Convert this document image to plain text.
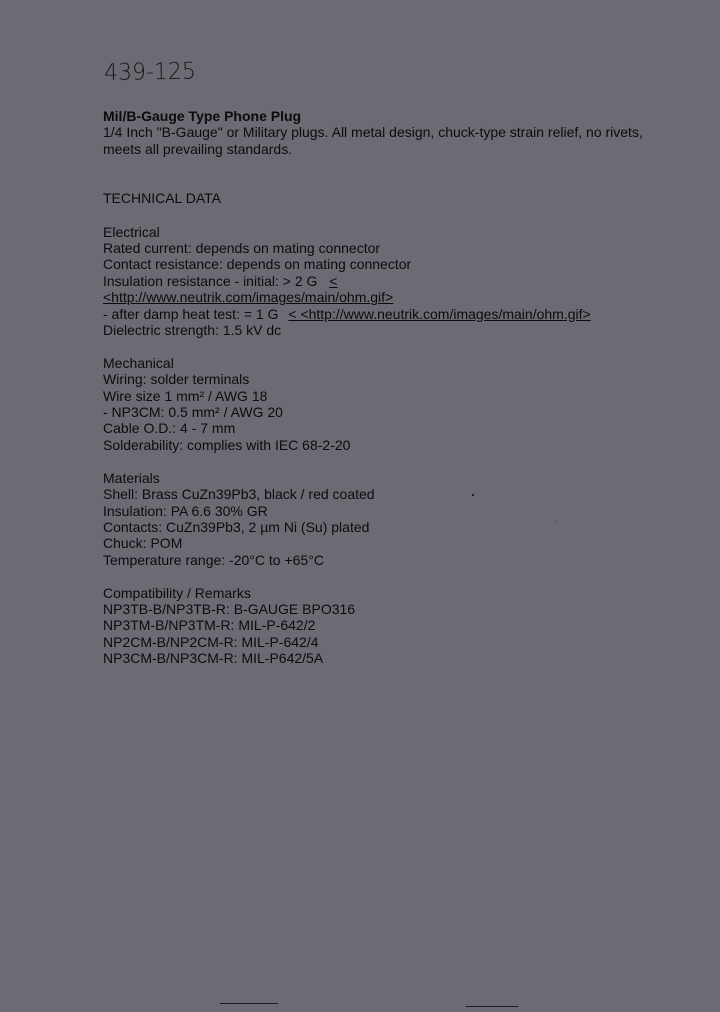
439-125
Mil/B-Gauge Type Phone Plug
1/4 Inch "B-Gauge" or Military plugs. All metal design, chuck-type strain relief, no rivets, meets all prevailing standards.
TECHNICAL DATA
Electrical
Rated current: depends on mating connector
Contact resistance: depends on mating connector
Insulation resistance - initial: > 2 G <
<http://www.neutrik.com/images/main/ohm.gif>
- after damp heat test: = 1 G < <http://www.neutrik.com/images/main/ohm.gif>
Dielectric strength: 1.5 kV dc
Mechanical
Wiring: solder terminals
Wire size 1 mm² / AWG 18
- NP3CM: 0.5 mm² / AWG 20
Cable O.D.: 4 - 7 mm
Solderability: complies with IEC 68-2-20
Materials
Shell: Brass CuZn39Pb3, black / red coated
Insulation: PA 6.6 30% GR
Contacts: CuZn39Pb3, 2 µm Ni (Su) plated
Chuck: POM
Temperature range: -20°C to +65°C
Compatibility / Remarks
NP3TB-B/NP3TB-R: B-GAUGE BPO316
NP3TM-B/NP3TM-R: MIL-P-642/2
NP2CM-B/NP2CM-R: MIL-P-642/4
NP3CM-B/NP3CM-R: MIL-P642/5A
